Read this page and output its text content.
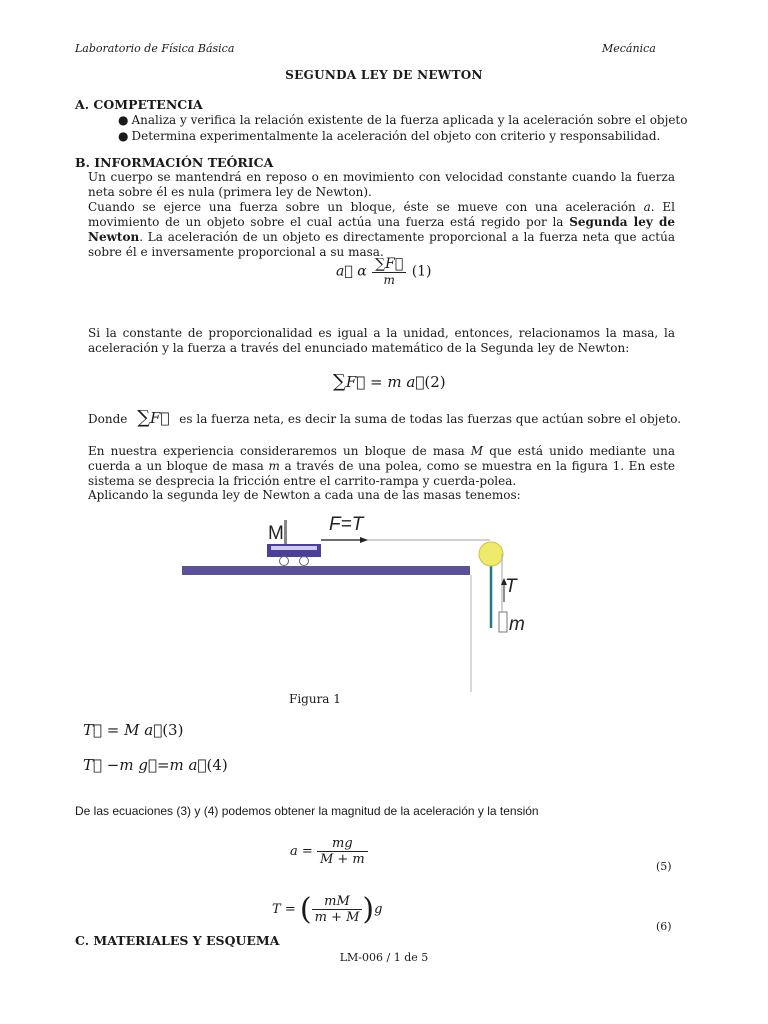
Laboratorio de Física Básica	Mecánica
SEGUNDA LEY DE NEWTON
A. COMPETENCIA
● Analiza y verifica la relación existente de la fuerza aplicada y la aceleración sobre el objeto
● Determina experimentalmente la aceleración del objeto con criterio y responsabilidad.
B. INFORMACIÓN TEÓRICA
Un cuerpo se mantendrá en reposo o en movimiento con velocidad constante cuando la fuerza neta sobre él es nula (primera ley de Newton).
Cuando se ejerce una fuerza sobre un bloque, éste se mueve con una aceleración a. El movimiento de un objeto sobre el cual actúa una fuerza está regido por la Segunda ley de Newton. La aceleración de un objeto es directamente proporcional a la fuerza neta que actúa sobre él e inversamente proporcional a su masa.
a⃗ α $\frac{\sum F⃗}{m} (1)$
Si la constante de proporcionalidad es igual a la unidad, entonces, relacionamos la masa, la aceleración y la fuerza a través del enunciado matemático de la Segunda ley de Newton:
∑F⃗ = m a⃗(2)
Donde ∑F⃗ es la fuerza neta, es decir la suma de todas las fuerzas que actúan sobre el objeto.
En nuestra experiencia consideraremos un bloque de masa M que está unido mediante una cuerda a un bloque de masa m a través de una polea, como se muestra en la figura 1. En este sistema se desprecia la fricción entre el carrito-rampa y cuerda-polea.
Aplicando la segunda ley de Newton a cada una de las masas tenemos:
M F=T
T
m
Figura 1
T⃗ = M a⃗(3)
T⃗ −m g⃗=m a⃗(4)
De las ecuaciones (3) y (4) podemos obtener la magnitud de la aceleración y la tensión
$a = \frac{mg}{M + m}$	(5)
T = ( $\frac{mM}{m + M} )g$
(6)
C. MATERIALES Y ESQUEMA
LM-006 / 1 de 5
